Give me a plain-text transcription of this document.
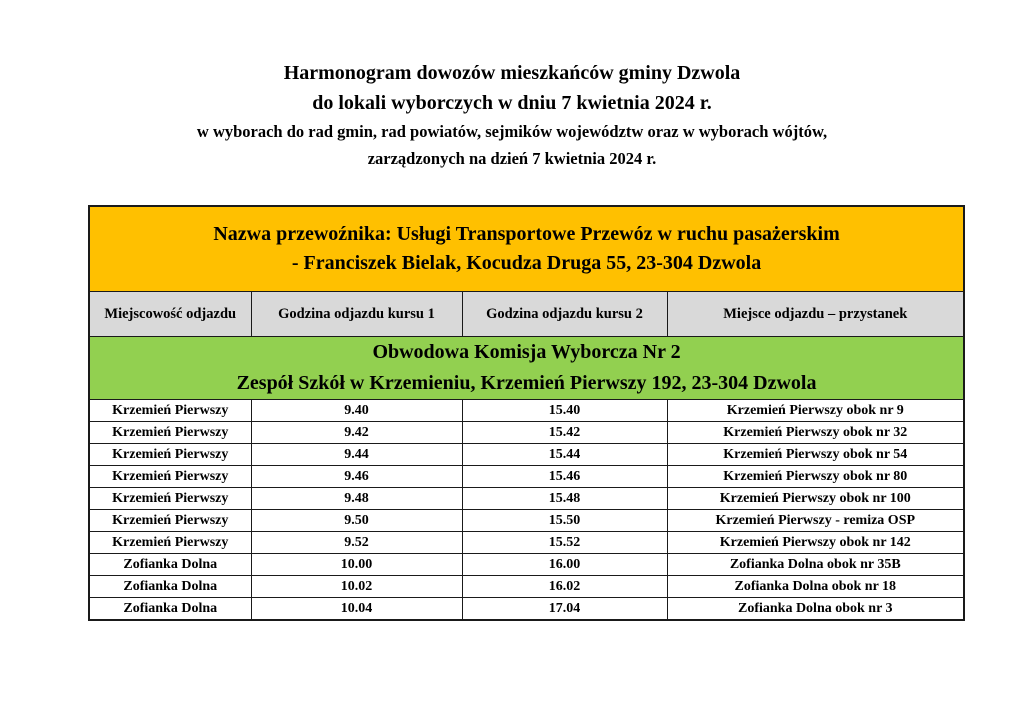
Harmonogram dowozów mieszkańców gminy Dzwola
do lokali wyborczych w dniu 7 kwietnia 2024 r.
w wyborach do rad gmin, rad powiatów, sejmików województw oraz w wyborach wójtów,
zarządzonych na dzień 7 kwietnia 2024 r.
Nazwa przewoźnika: Usługi Transportowe Przewóz w ruchu pasażerskim
- Franciszek Bielak, Kocudza Druga 55, 23-304 Dzwola			

Miejscowość odjazdu	Godzina odjazdu kursu 1	Godzina odjazdu kursu 2	Miejsce odjazdu – przystanek

Obwodowa Komisja Wyborcza Nr 2
Zespół Szkół w Krzemieniu, Krzemień Pierwszy 192, 23-304 Dzwola			

Krzemień Pierwszy	9.40	15.40	Krzemień Pierwszy obok nr 9
Krzemień Pierwszy	9.42	15.42	Krzemień Pierwszy obok nr 32
Krzemień Pierwszy	9.44	15.44	Krzemień Pierwszy obok nr 54
Krzemień Pierwszy	9.46	15.46	Krzemień Pierwszy obok nr 80
Krzemień Pierwszy	9.48	15.48	Krzemień Pierwszy obok nr 100
Krzemień Pierwszy	9.50	15.50	Krzemień Pierwszy - remiza OSP
Krzemień Pierwszy	9.52	15.52	Krzemień Pierwszy obok nr 142
Zofianka Dolna	10.00	16.00	Zofianka Dolna obok nr 35B
Zofianka Dolna	10.02	16.02	Zofianka Dolna obok nr 18
Zofianka Dolna	10.04	17.04	Zofianka Dolna obok nr 3
